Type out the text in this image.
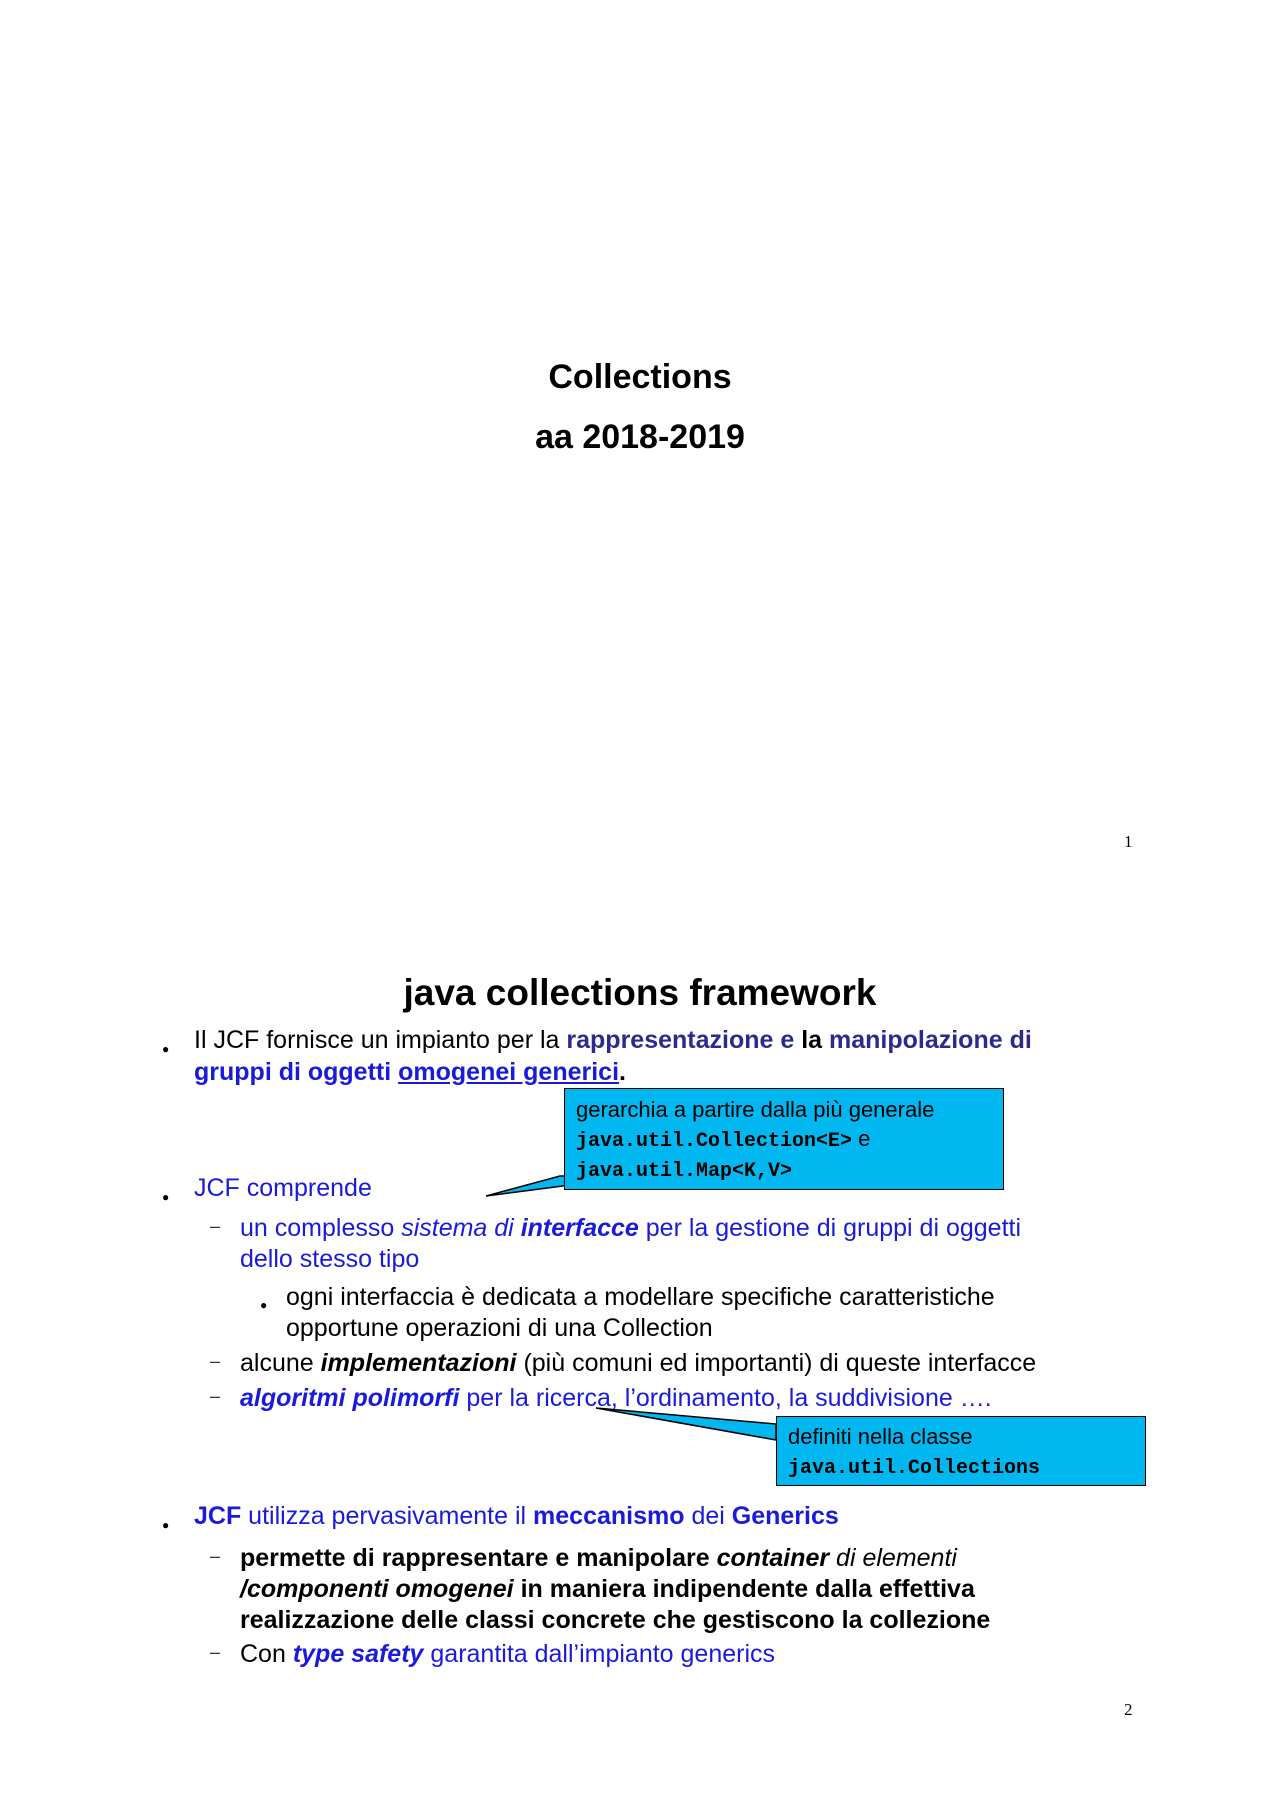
Collections
aa 2018-2019
1
java collections framework
● Il JCF fornisce un impianto per la rappresentazione e la manipolazione di
gruppi di oggetti omogenei generici.
gerarchia a partire dalla più generale
java.util.Collection<E> e
java.util.Map<K,V>
● JCF comprende
– un complesso sistema di interfacce per la gestione di gruppi di oggetti
dello stesso tipo
● ogni interfaccia è dedicata a modellare specifiche caratteristiche
opportune operazioni di una Collection
– alcune implementazioni (più comuni ed importanti) di queste interfacce
– algoritmi polimorfi per la ricerca, l’ordinamento, la suddivisione ….
definiti nella classe
java.util.Collections
● JCF utilizza pervasivamente il meccanismo dei Generics
– permette di rappresentare e manipolare container di elementi
/componenti omogenei in maniera indipendente dalla effettiva
realizzazione delle classi concrete che gestiscono la collezione
– Con type safety garantita dall’impianto generics
2
